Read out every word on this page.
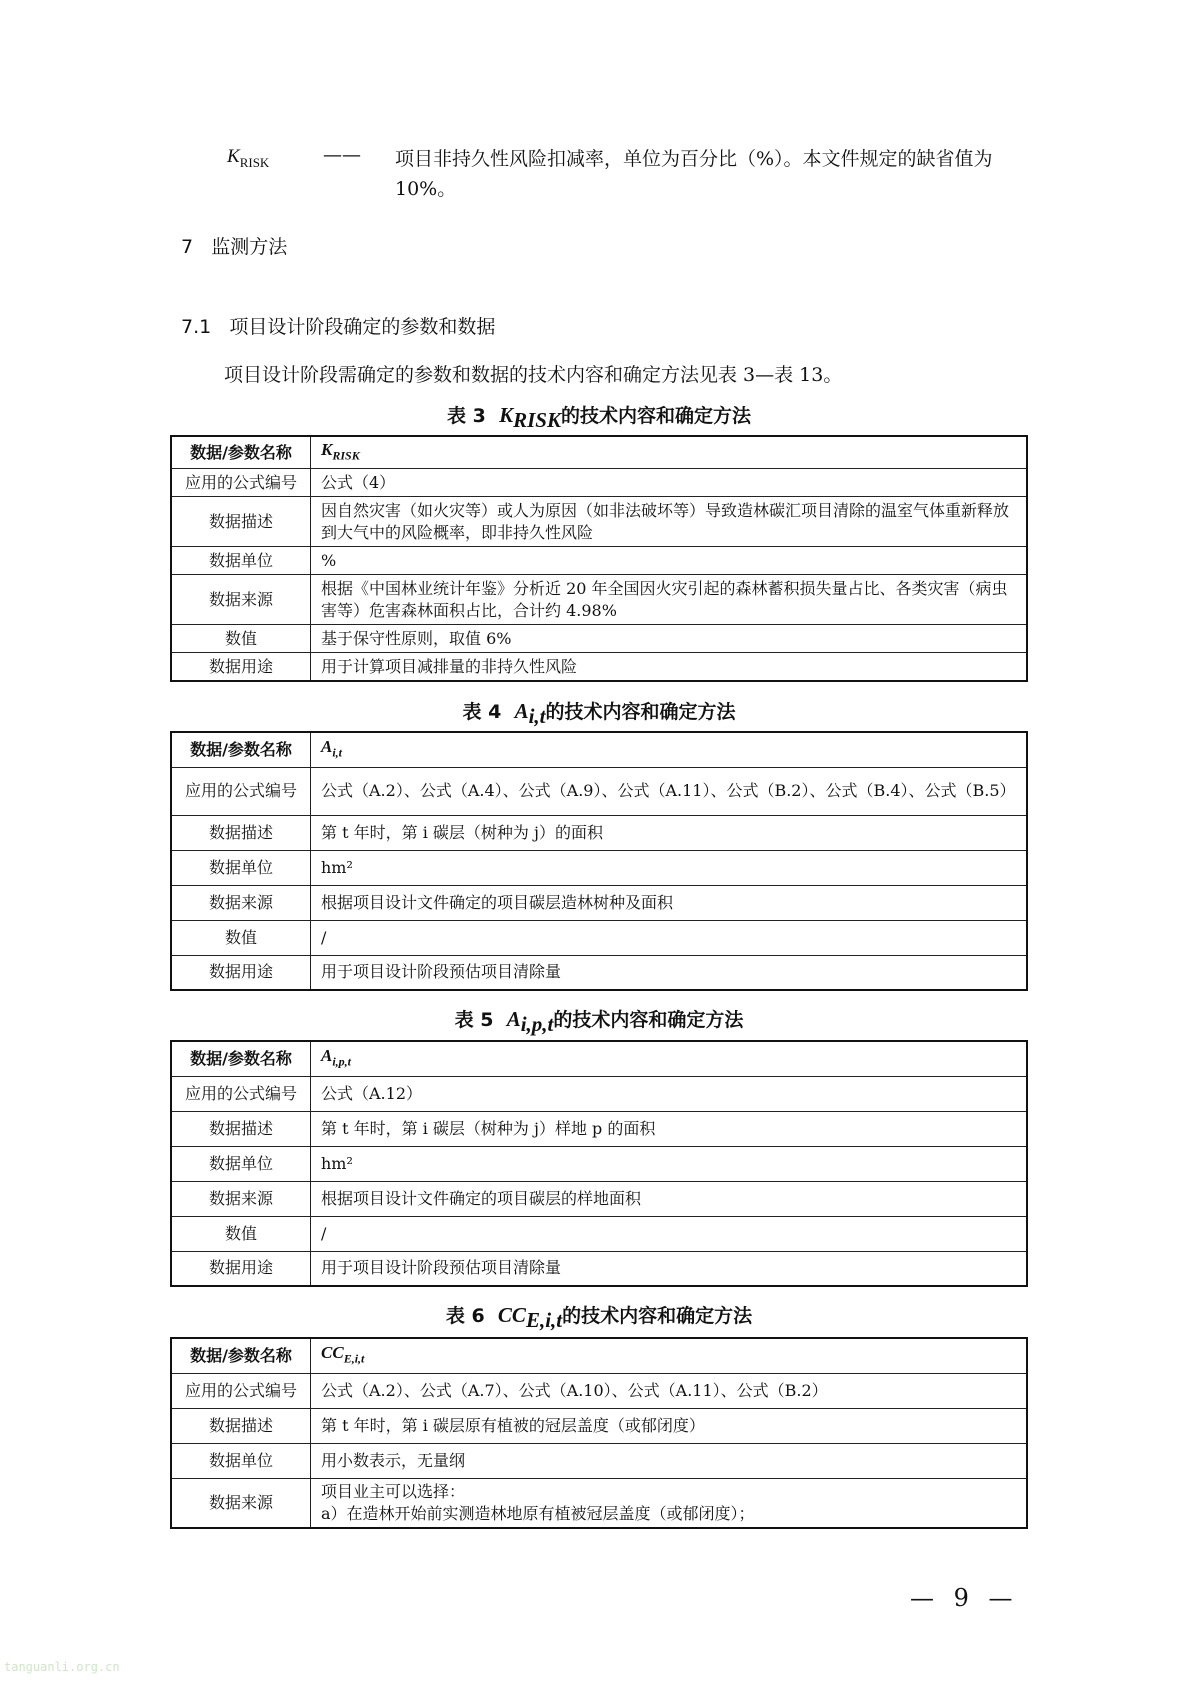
$K_{RISK}$	—— 项目非持久性风险扣减率，单位为百分比（%）。本文件规定的缺省值为10%。
7 监测方法
7.1 项目设计阶段确定的参数和数据
项目设计阶段需确定的参数和数据的技术内容和确定方法见表 3—表 13。
表 3 $K_{RISK}$的技术内容和确定方法
数据/参数名称	$K_{RISK}$
应用的公式编号	公式（4）
数据描述	因自然灾害（如火灾等）或人为原因（如非法破坏等）导致造林碳汇项目清除的温室气体重新释放到大气中的风险概率，即非持久性风险
数据单位	%
数据来源	根据《中国林业统计年鉴》分析近 20 年全国因火灾引起的森林蓄积损失量占比、各类灾害（病虫害等）危害森林面积占比，合计约 4.98%
数值	基于保守性原则，取值 6%
数据用途	用于计算项目减排量的非持久性风险
表 4 $A_{i,t}$的技术内容和确定方法
数据/参数名称	$A_{i,t}$
应用的公式编号	公式（A.2）、公式（A.4）、公式（A.9）、公式（A.11）、公式（B.2）、公式（B.4）、公式（B.5）
数据描述	第 t 年时，第 i 碳层（树种为 j）的面积
数据单位	hm²
数据来源	根据项目设计文件确定的项目碳层造林树种及面积
数值	/
数据用途	用于项目设计阶段预估项目清除量
表 5 $A_{i,p,t}$的技术内容和确定方法
数据/参数名称	$A_{i,p,t}$
应用的公式编号	公式（A.12）
数据描述	第 t 年时，第 i 碳层（树种为 j）样地 p 的面积
数据单位	hm²
数据来源	根据项目设计文件确定的项目碳层的样地面积
数值	/
数据用途	用于项目设计阶段预估项目清除量
表 6 $CC_{E,i,t}$的技术内容和确定方法
数据/参数名称	$CC_{E,i,t}$
应用的公式编号	公式（A.2）、公式（A.7）、公式（A.10）、公式（A.11）、公式（B.2）
数据描述	第 t 年时，第 i 碳层原有植被的冠层盖度（或郁闭度）
数据单位	用小数表示，无量纲
数据来源	项目业主可以选择：
a）在造林开始前实测造林地原有植被冠层盖度（或郁闭度）；
— 9 —
tanguanli.org.cn
